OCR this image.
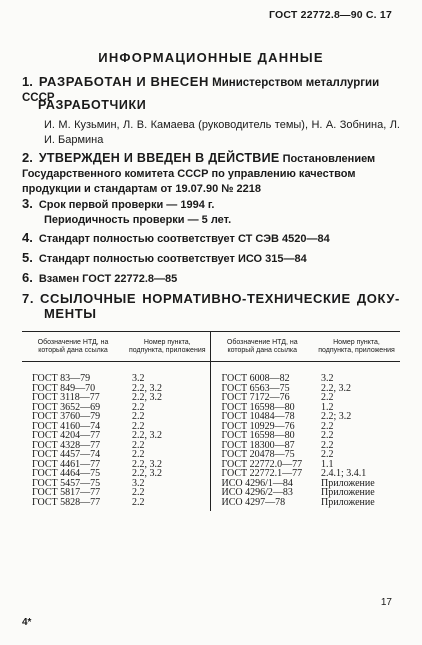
ГОСТ 22772.8—90 С. 17
ИНФОРМАЦИОННЫЕ ДАННЫЕ
1. РАЗРАБОТАН И ВНЕСЕН Министерством металлургии СССР
РАЗРАБОТЧИКИ
И. М. Кузьмин, Л. В. Камаева (руководитель темы), Н. А. Зобнина, Л. И. Бармина
2. УТВЕРЖДЕН И ВВЕДЕН В ДЕЙСТВИЕ Постановлением Государственного комитета СССР по управлению качеством продукции и стандартам от 19.07.90 № 2218
3. Срок первой проверки — 1994 г.
Периодичность проверки — 5 лет.
4. Стандарт полностью соответствует СТ СЭВ 4520—84
5. Стандарт полностью соответствует ИСО 315—84
6. Взамен ГОСТ 22772.8—85
7. ССЫЛОЧНЫЕ НОРМАТИВНО-ТЕХНИЧЕСКИЕ ДОКУ-
МЕНТЫ
Обозначение НТД, на который дана ссылка	Номер пункта, подпункта, приложения	Обозначение НТД, на который дана ссылка	Номер пункта, подпункта, приложения

ГОСТ 83—79	3.2	ГОСТ 6008—82	3.2
ГОСТ 849—70	2.2, 3.2	ГОСТ 6563—75	2.2, 3.2
ГОСТ 3118—77	2.2, 3.2	ГОСТ 7172—76	2.2
ГОСТ 3652—69	2.2	ГОСТ 16598—80	1.2
ГОСТ 3760—79	2.2	ГОСТ 10484—78	2.2; 3.2
ГОСТ 4160—74	2.2	ГОСТ 10929—76	2.2
ГОСТ 4204—77	2.2, 3.2	ГОСТ 16598—80	2.2
ГОСТ 4328—77	2.2	ГОСТ 18300—87	2.2
ГОСТ 4457—74	2.2	ГОСТ 20478—75	2.2
ГОСТ 4461—77	2.2, 3.2	ГОСТ 22772.0—77	1.1
ГОСТ 4464—75	2.2, 3.2	ГОСТ 22772.1—77	2.4.1; 3.4.1
ГОСТ 5457—75	3.2	ИСО 4296/1—84	Приложение
ГОСТ 5817—77	2.2	ИСО 4296/2—83	Приложение
ГОСТ 5828—77	2.2	ИСО 4297—78	Приложение
17
4*
